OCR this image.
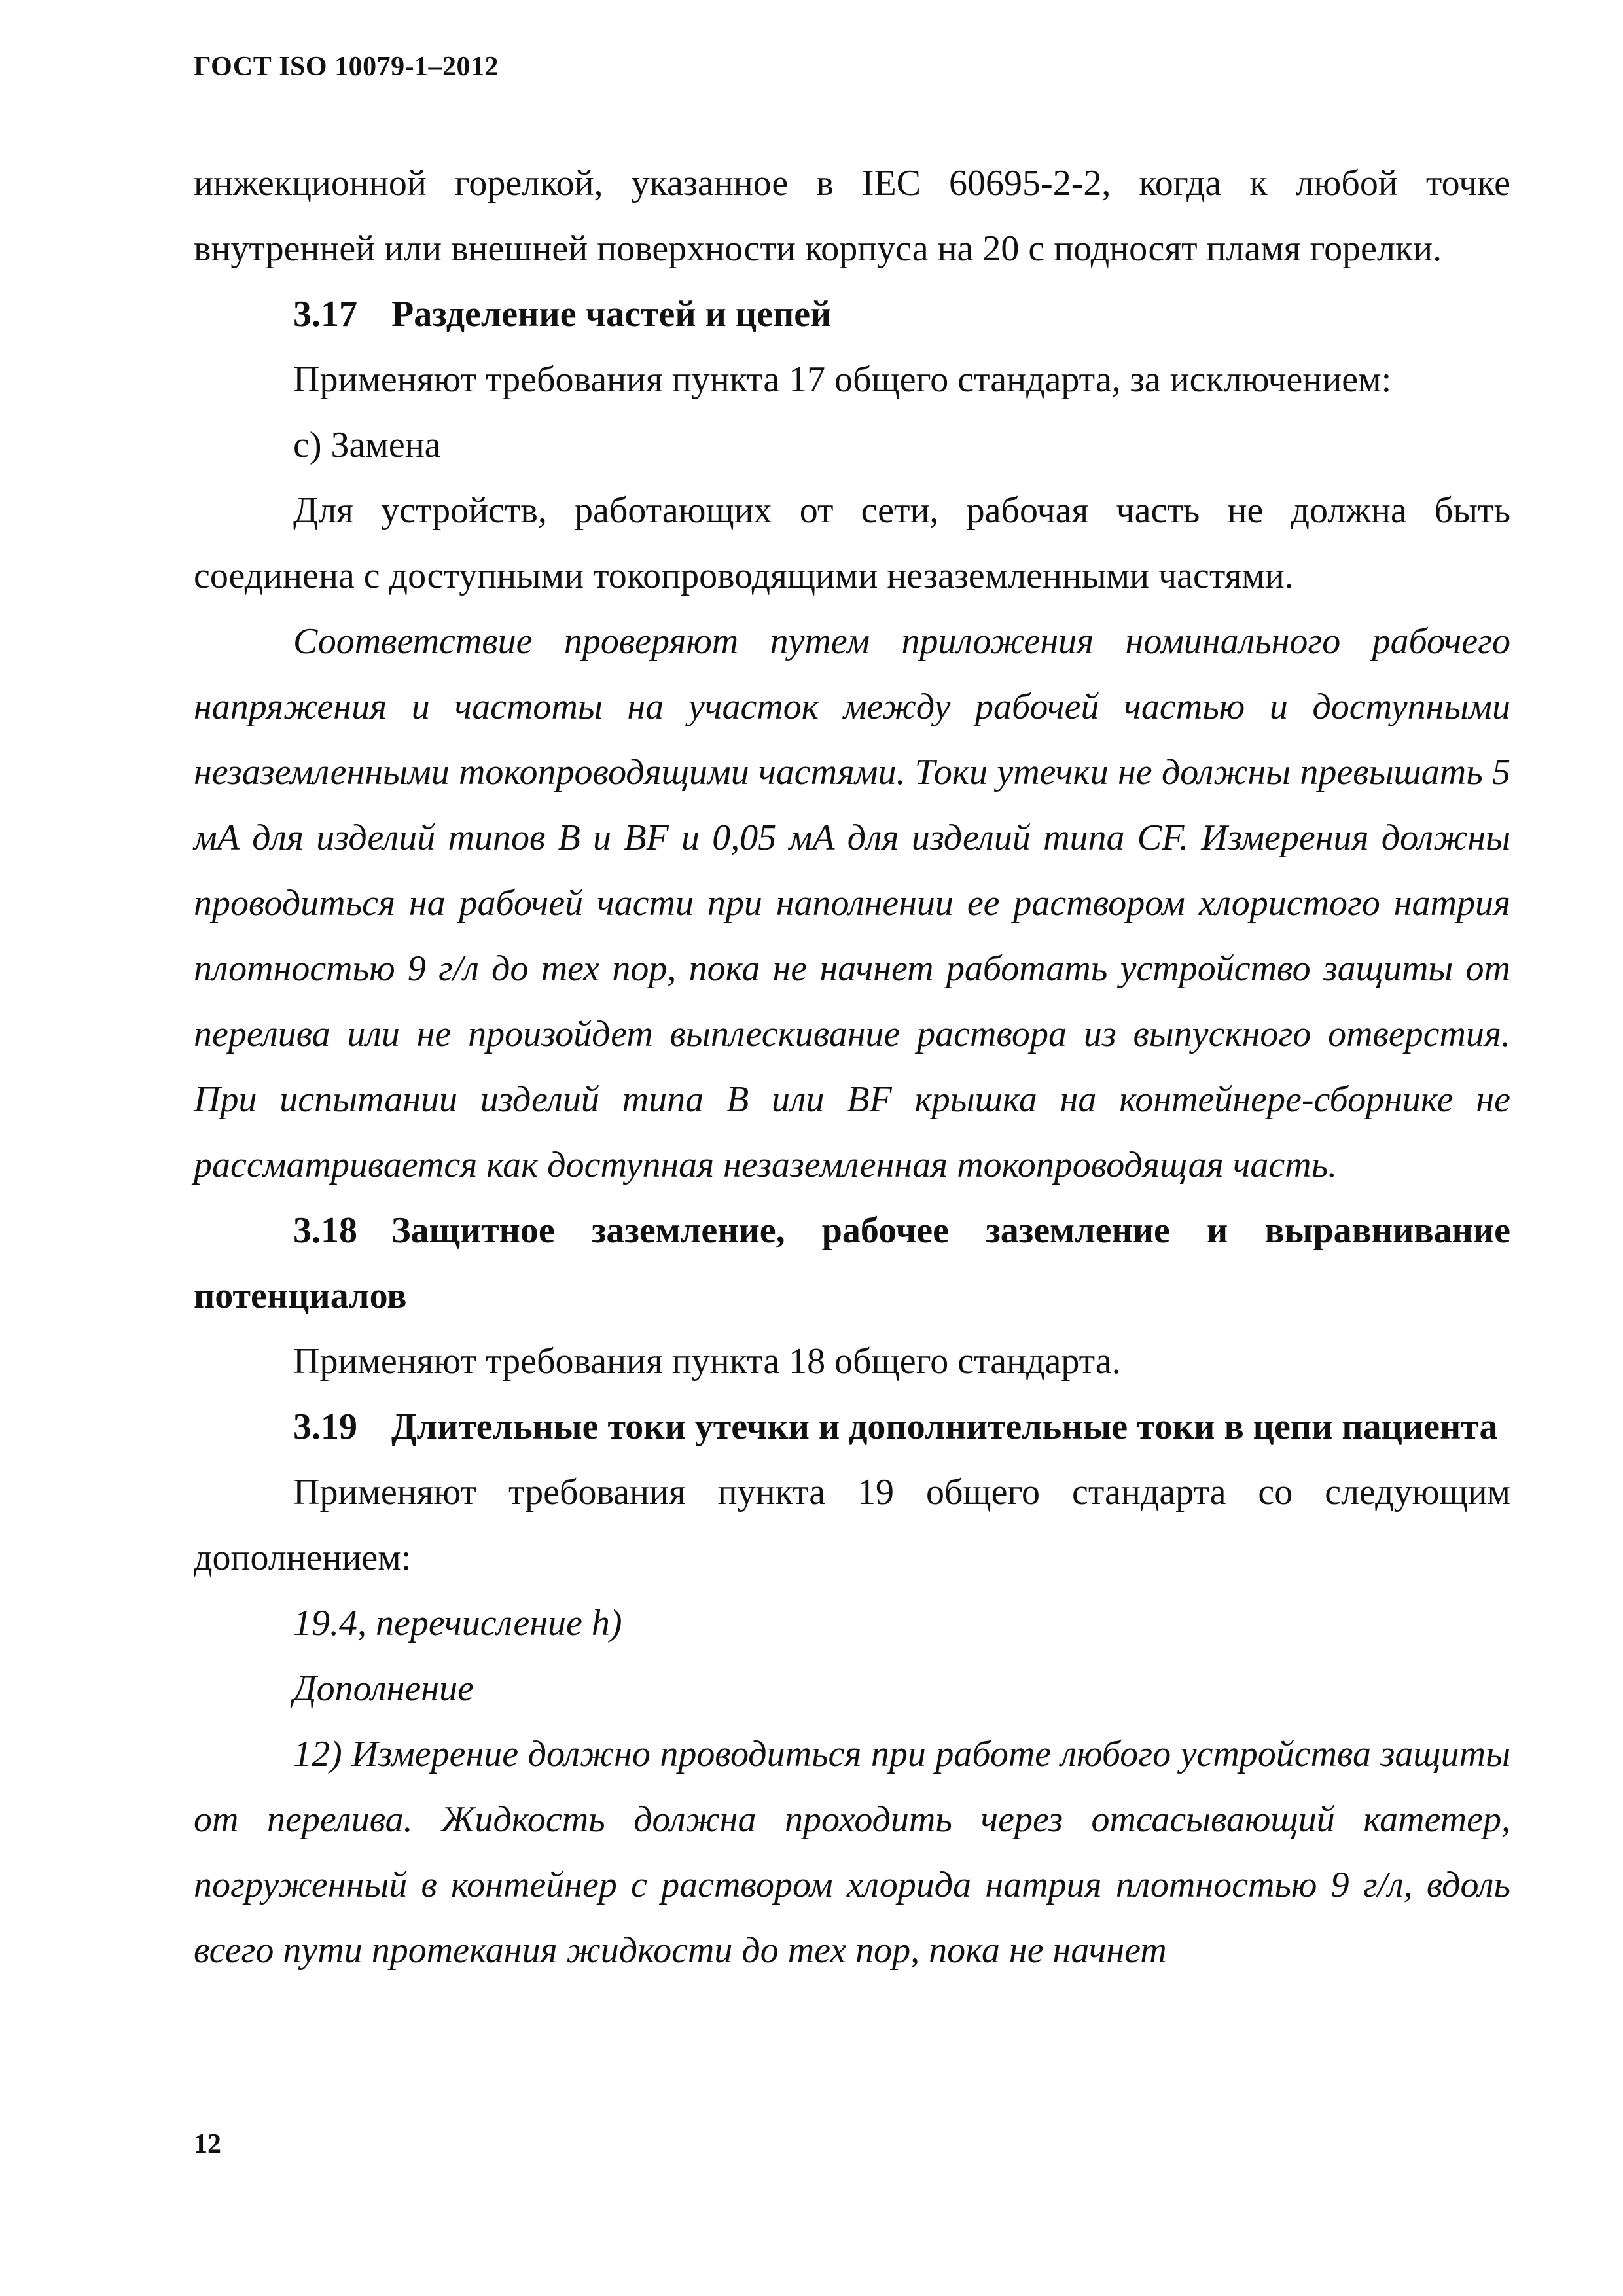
ГОСТ ISO 10079-1–2012

инжекционной горелкой, указанное в IEC 60695-2-2, когда к любой точке внутренней или внешней поверхности корпуса на 20 с подносят пламя горелки.

3.17 Разделение частей и цепей

Применяют требования пункта 17 общего стандарта, за исключением:

c) Замена

Для устройств, работающих от сети, рабочая часть не должна быть соединена с доступными токопроводящими незаземленными частями.

Соответствие проверяют путем приложения номинального рабочего напряжения и частоты на участок между рабочей частью и доступными незаземленными токопроводящими частями. Токи утечки не должны превышать 5 мА для изделий типов B и BF и 0,05 мА для изделий типа CF. Измерения должны проводиться на рабочей части при наполнении ее раствором хлористого натрия плотностью 9 г/л до тех пор, пока не начнет работать устройство защиты от перелива или не произойдет выплескивание раствора из выпускного отверстия. При испытании изделий типа B или BF крышка на контейнере-сборнике не рассматривается как доступная незаземленная токопроводящая часть.

3.18 Защитное заземление, рабочее заземление и выравнивание потенциалов

Применяют требования пункта 18 общего стандарта.

3.19 Длительные токи утечки и дополнительные токи в цепи пациента

Применяют требования пункта 19 общего стандарта со следующим дополнением:

19.4, перечисление h)

Дополнение

12) Измерение должно проводиться при работе любого устройства защиты от перелива. Жидкость должна проходить через отсасывающий катетер, погруженный в контейнер с раствором хлорида натрия плотностью 9 г/л, вдоль всего пути протекания жидкости до тех пор, пока не начнет

12
